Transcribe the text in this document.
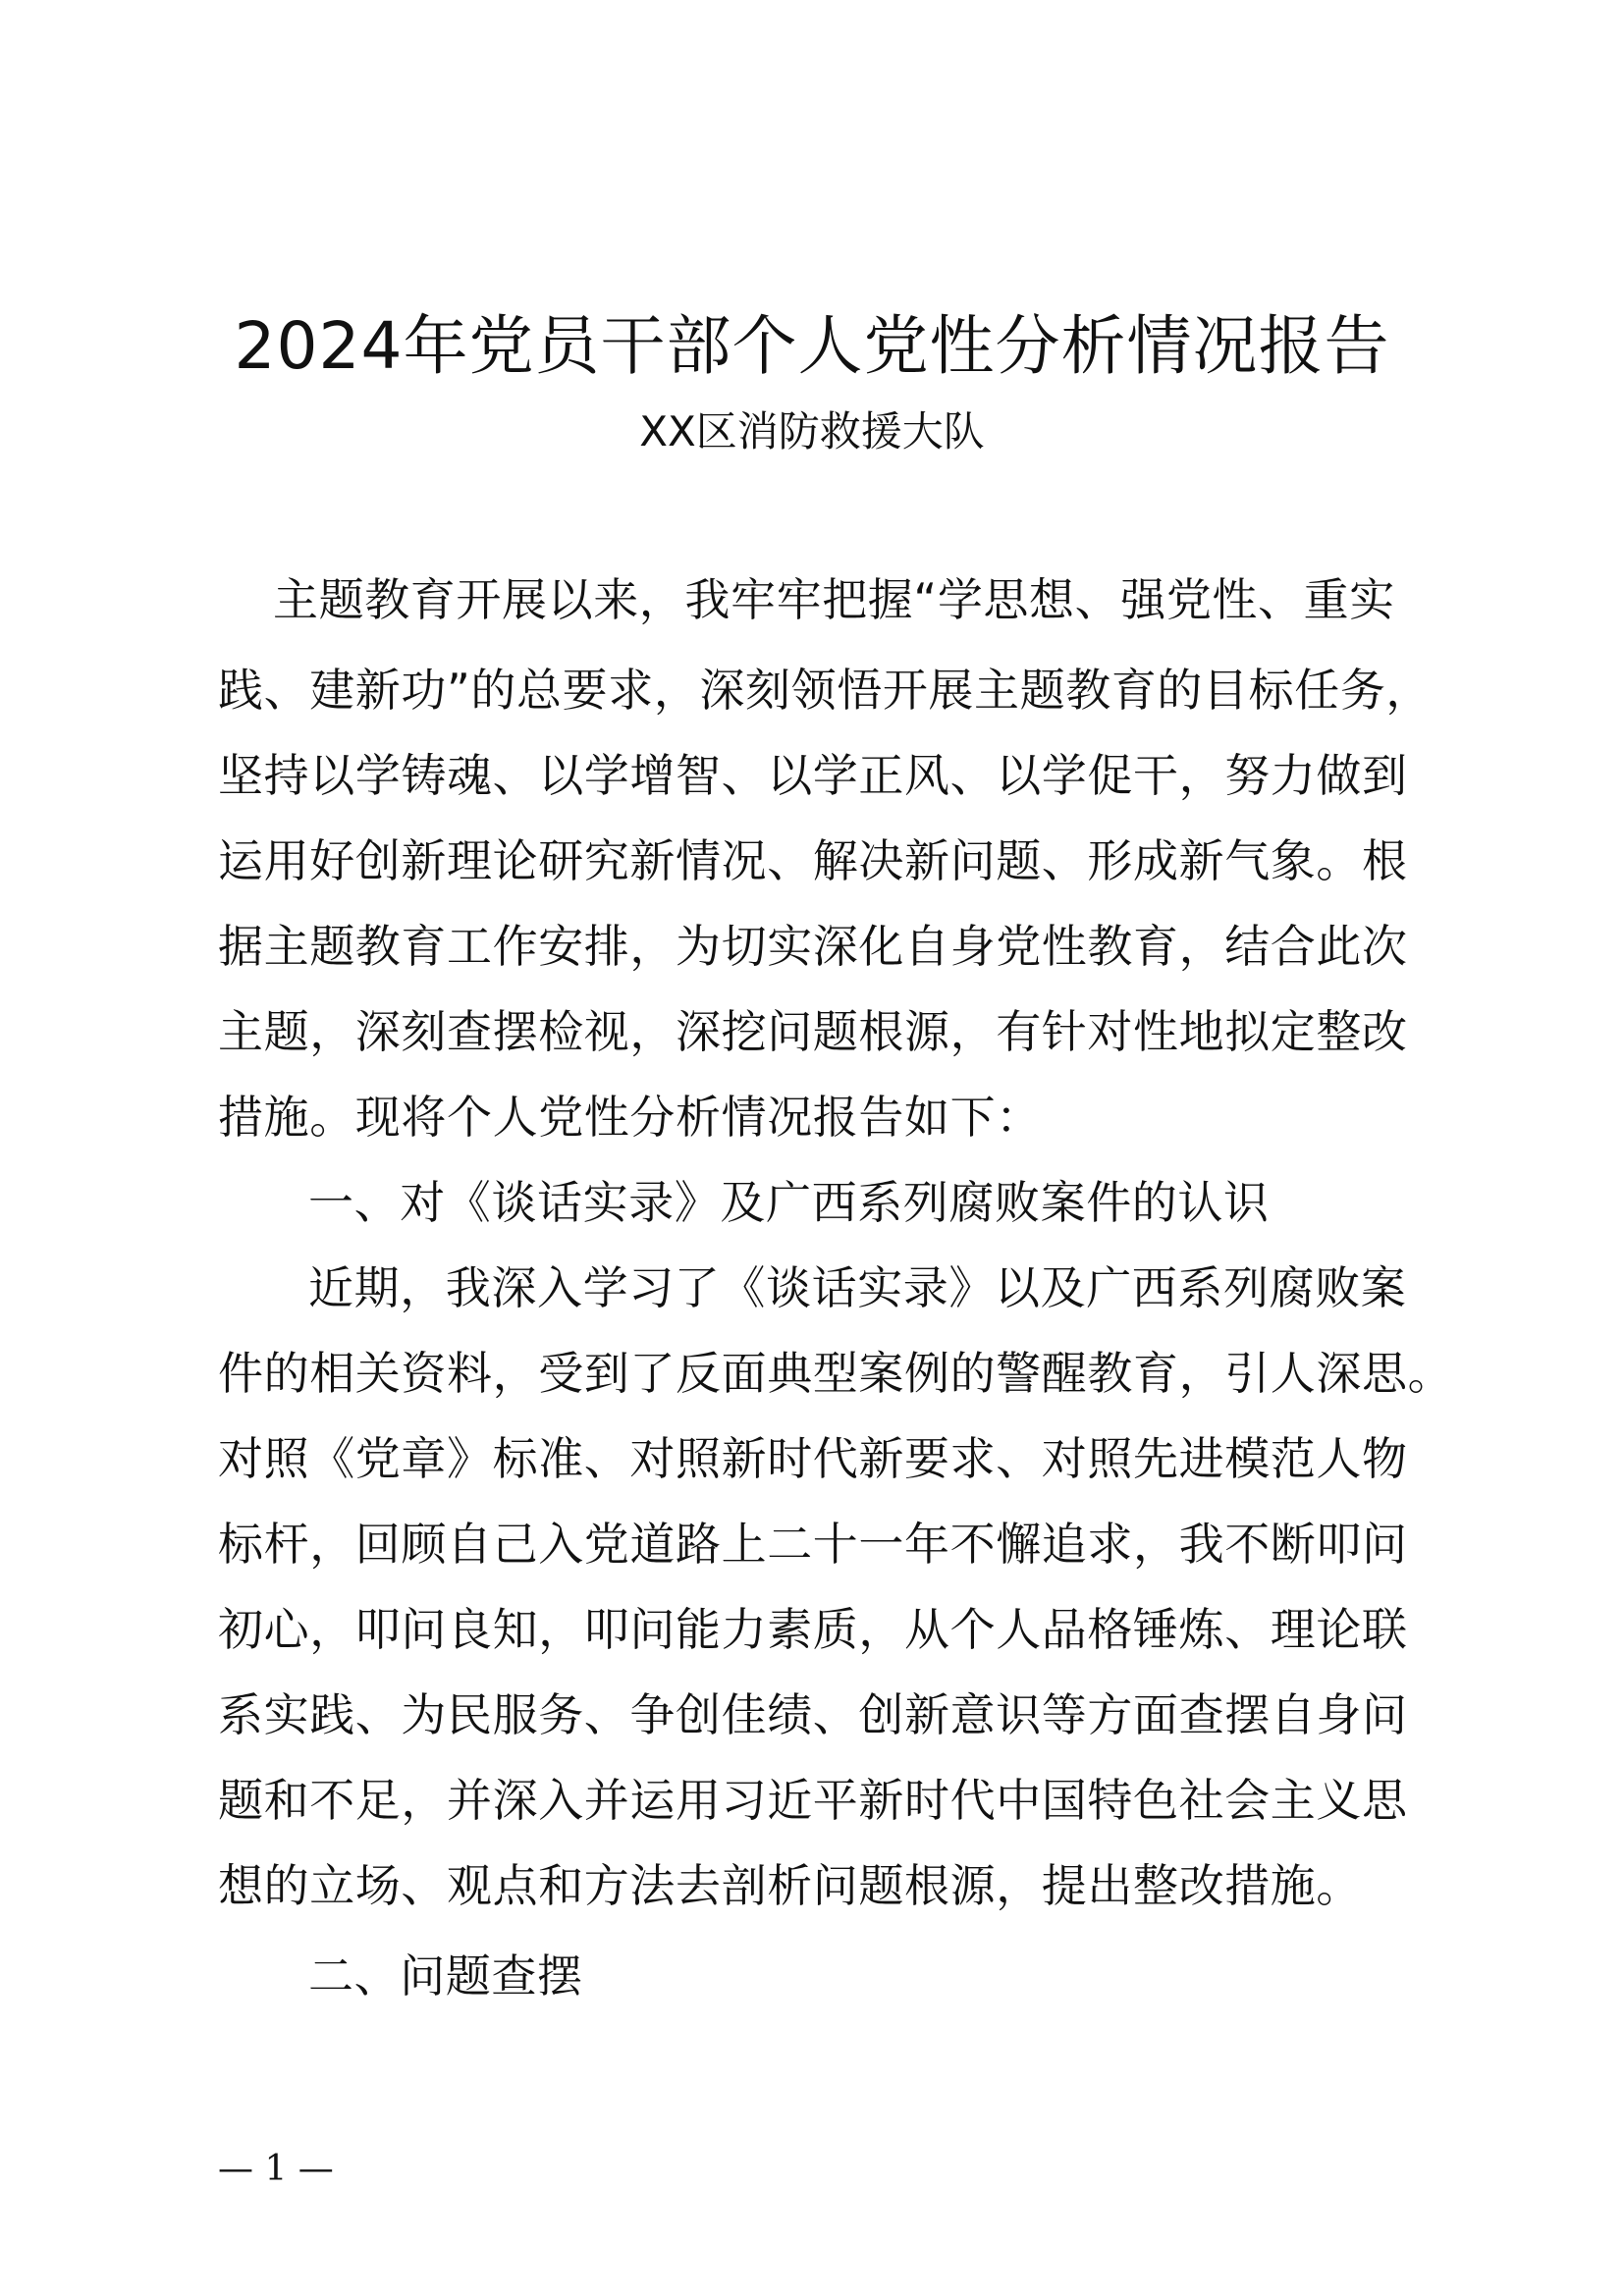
2024年党员干部个人党性分析情况报告
XX区消防救援大队
主题教育开展以来，我牢牢把握“学思想、强党性、重实
践、建新功”的总要求，深刻领悟开展主题教育的目标任务，
坚持以学铸魂、以学增智、以学正风、以学促干，努力做到
运用好创新理论研究新情况、解决新问题、形成新气象。根
据主题教育工作安排，为切实深化自身党性教育，结合此次
主题，深刻查摆检视，深挖问题根源，有针对性地拟定整改
措施。现将个人党性分析情况报告如下：
一、对《谈话实录》及广西系列腐败案件的认识
近期，我深入学习了《谈话实录》以及广西系列腐败案
件的相关资料，受到了反面典型案例的警醒教育，引人深思。
对照《党章》标准、对照新时代新要求、对照先进模范人物
标杆，回顾自己入党道路上二十一年不懈追求，我不断叩问
初心，叩问良知，叩问能力素质，从个人品格锤炼、理论联
系实践、为民服务、争创佳绩、创新意识等方面查摆自身问
题和不足，并深入并运用习近平新时代中国特色社会主义思
想的立场、观点和方法去剖析问题根源，提出整改措施。
二、问题查摆
— 1 —
